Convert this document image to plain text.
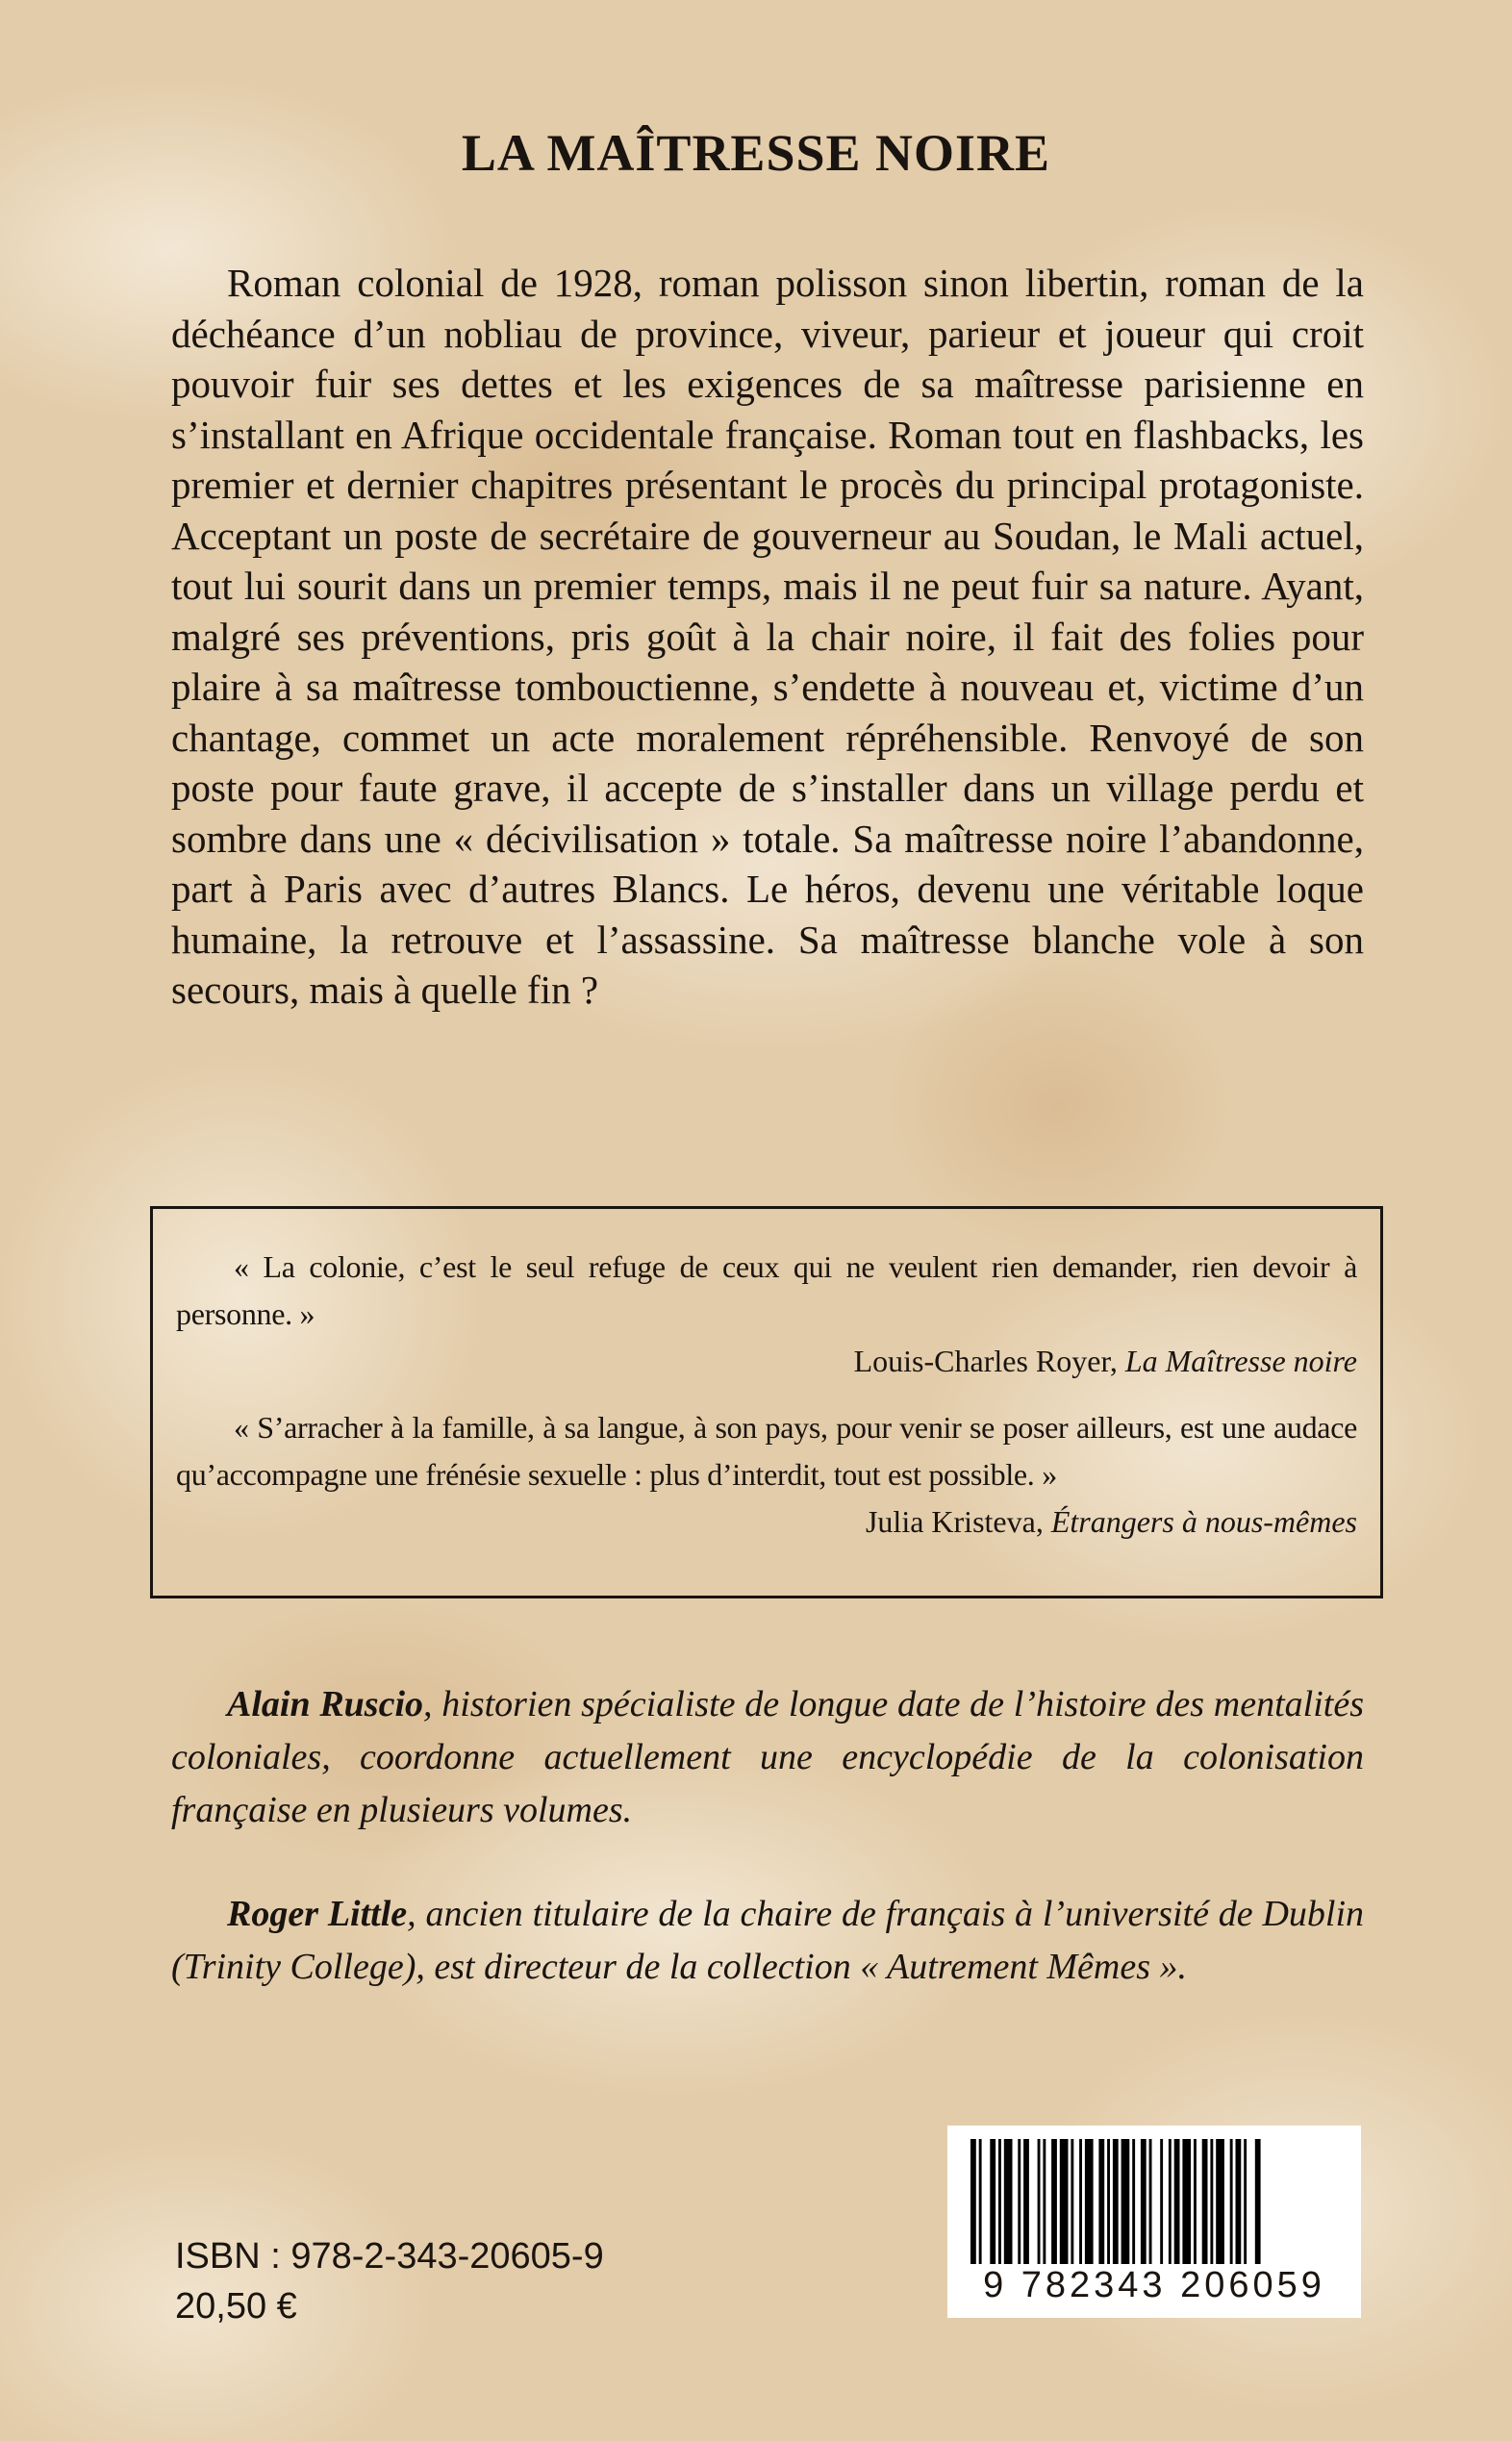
LA MAÎTRESSE NOIRE

Roman colonial de 1928, roman polisson sinon libertin, roman de la déchéance d’un nobliau de province, viveur, parieur et joueur qui croit pouvoir fuir ses dettes et les exigences de sa maîtresse parisienne en s’installant en Afrique occidentale française. Roman tout en flashbacks, les premier et dernier chapitres présentant le procès du principal protagoniste. Acceptant un poste de secrétaire de gouverneur au Soudan, le Mali actuel, tout lui sourit dans un premier temps, mais il ne peut fuir sa nature. Ayant, malgré ses préventions, pris goût à la chair noire, il fait des folies pour plaire à sa maîtresse tombouctienne, s’endette à nouveau et, victime d’un chantage, commet un acte moralement répréhensible. Renvoyé de son poste pour faute grave, il accepte de s’installer dans un village perdu et sombre dans une « décivilisation » totale. Sa maîtresse noire l’abandonne, part à Paris avec d’autres Blancs. Le héros, devenu une véritable loque humaine, la retrouve et l’assassine. Sa maîtresse blanche vole à son secours, mais à quelle fin ?

« La colonie, c’est le seul refuge de ceux qui ne veulent rien demander, rien devoir à personne. »

Louis-Charles Royer, La Maîtresse noire

« S’arracher à la famille, à sa langue, à son pays, pour venir se poser ailleurs, est une audace qu’accompagne une frénésie sexuelle : plus d’interdit, tout est possible. »

Julia Kristeva, Étrangers à nous-mêmes

Alain Ruscio, historien spécialiste de longue date de l’histoire des mentalités coloniales, coordonne actuellement une encyclopédie de la colonisation française en plusieurs volumes.

Roger Little, ancien titulaire de la chaire de français à l’université de Dublin (Trinity College), est directeur de la collection « Autrement Mêmes ».

ISBN : 978-2-343-20605-9
20,50 €
9 782343 206059
